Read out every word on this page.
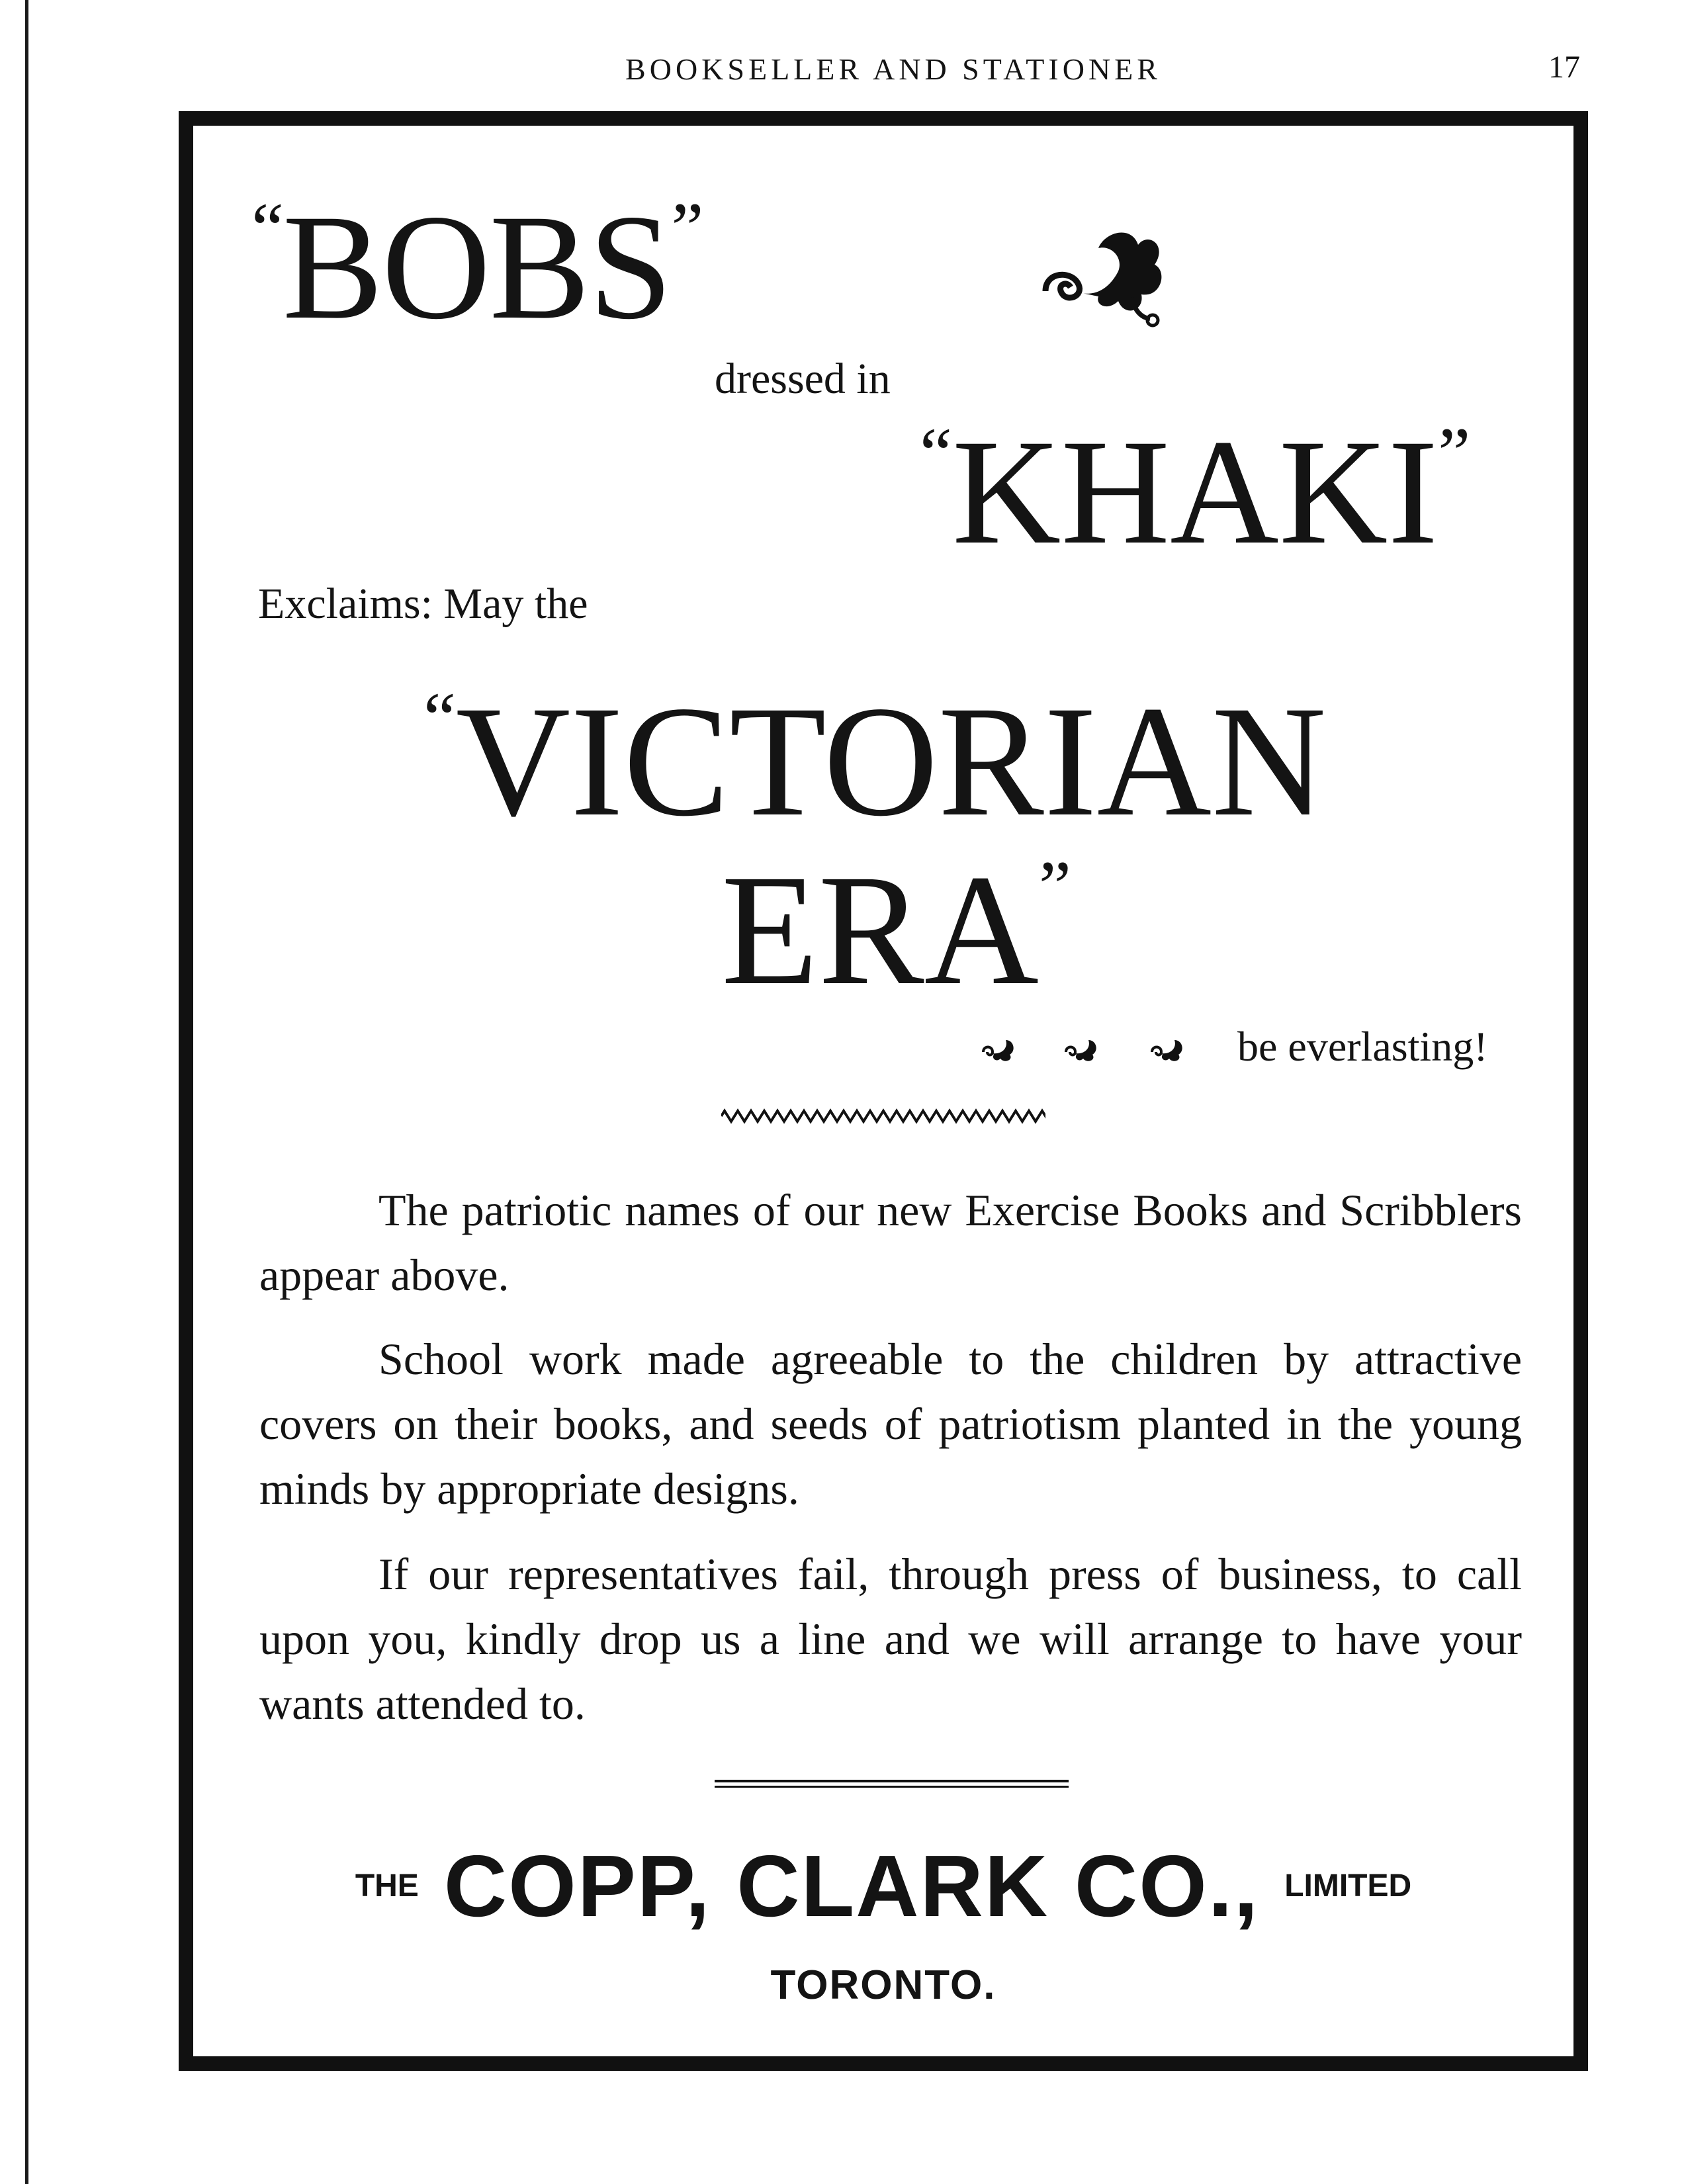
BOOKSELLER AND STATIONER	17
“BOBS”
dressed in
“KHAKI”
Exclaims: May the
“VICTORIAN
ERA”
be everlasting!
The patriotic names of our new Exercise Books and Scribblers appear above.
School work made agreeable to the children by attractive covers on their books, and seeds of patriotism planted in the young minds by appropriate designs.
If our representatives fail, through press of business, to call upon you, kindly drop us a line and we will arrange to have your wants attended to.
THE COPP, CLARK CO., LIMITED
TORONTO.
